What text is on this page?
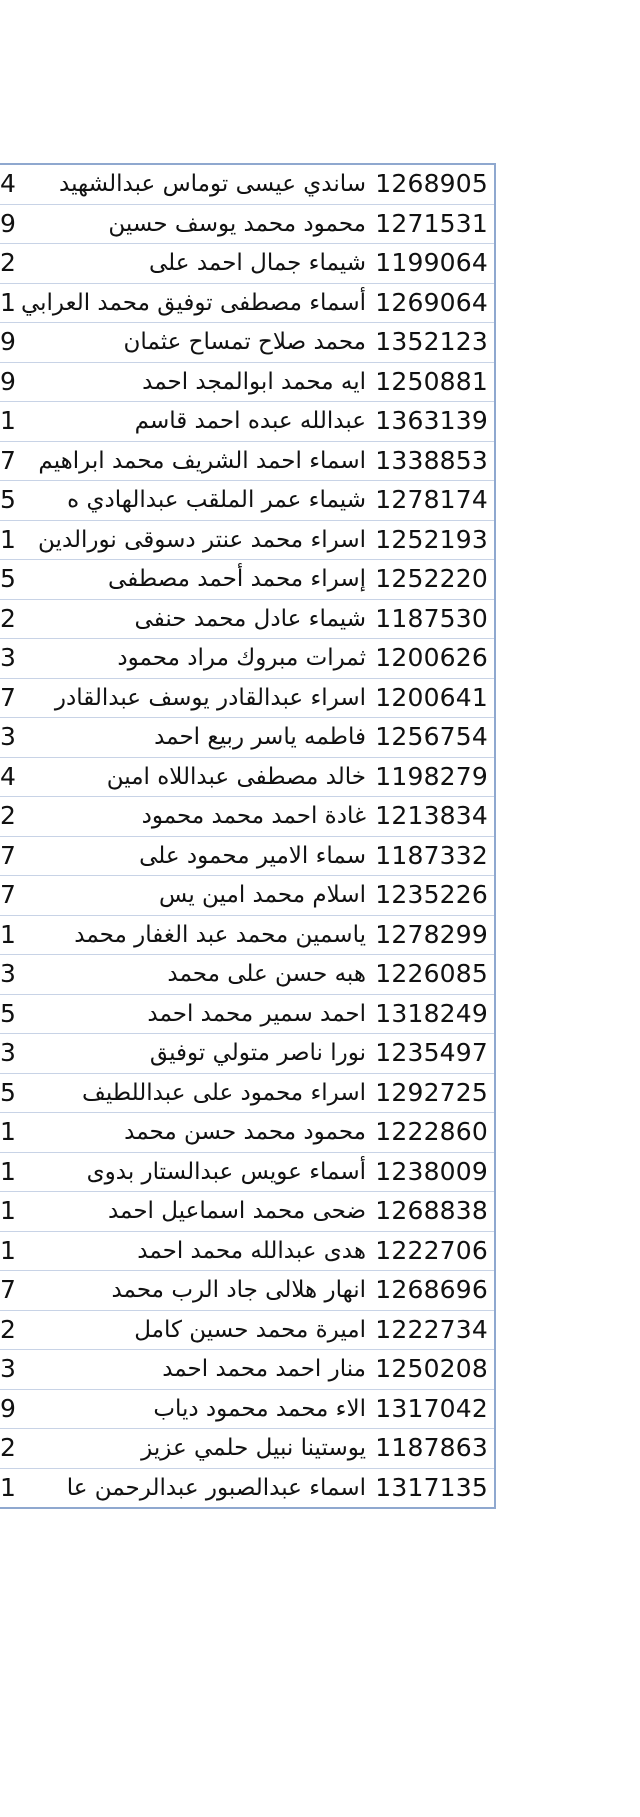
4	ساندي عيسى توماس عبدالشهيد 1268905
9	محمود محمد يوسف حسين 1271531
2	شيماء جمال احمد على 1199064
1 أسماء مصطفى توفيق محمد العرابي 1269064
9	محمد صلاح تمساح عثمان 1352123
9	ايه محمد ابوالمجد احمد 1250881
1	عبدالله عبده احمد قاسم 1363139
7 اسماء احمد الشريف محمد ابراهيم 1338853
5	شيماء عمر الملقب عبدالهادي ه 1278174
1 اسراء محمد عنتر دسوقى نورالدين 1252193
5	إسراء محمد أحمد مصطفى 1252220
2	شيماء عادل محمد حنفى 1187530
3	ثمرات مبروك مراد محمود 1200626
7	اسراء عبدالقادر يوسف عبدالقادر 1200641
3	فاطمه ياسر ربيع احمد 1256754
4	خالد مصطفى عبداللاه امين 1198279
2	غادة احمد محمد محمود 1213834
7	سماء الامير محمود على 1187332
7	اسلام محمد امين يس 1235226
1	ياسمين محمد عبد الغفار محمد 1278299
3	هبه حسن على محمد 1226085
5	احمد سمير محمد احمد 1318249
3	نورا ناصر متولي توفيق 1235497
5	اسراء محمود على عبداللطيف 1292725
1	محمود محمد حسن محمد 1222860
1	أسماء عويس عبدالستار بدوى 1238009
1	ضحى محمد اسماعيل احمد 1268838
1	هدى عبدالله محمد احمد 1222706
7	انهار هلالى جاد الرب محمد 1268696
2	اميرة محمد حسين كامل 1222734
3	منار احمد محمد احمد 1250208
9	الاء محمد محمود دياب 1317042
2	يوستينا نبيل حلمي عزيز 1187863
1	اسماء عبدالصبور عبدالرحمن عا 1317135
